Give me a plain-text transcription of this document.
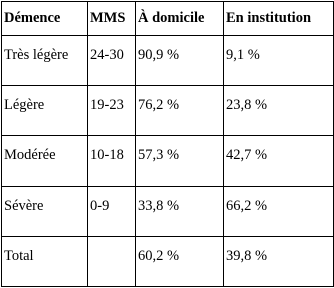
Démence	MMS	À domicile	En institution
Très légère	24-30	90,9 %	9,1 %
Légère	19-23	76,2 %	23,8 %
Modérée	10-18	57,3 %	42,7 %
Sévère	0-9	33,8 %	66,2 %
Total		60,2 %	39,8 %
